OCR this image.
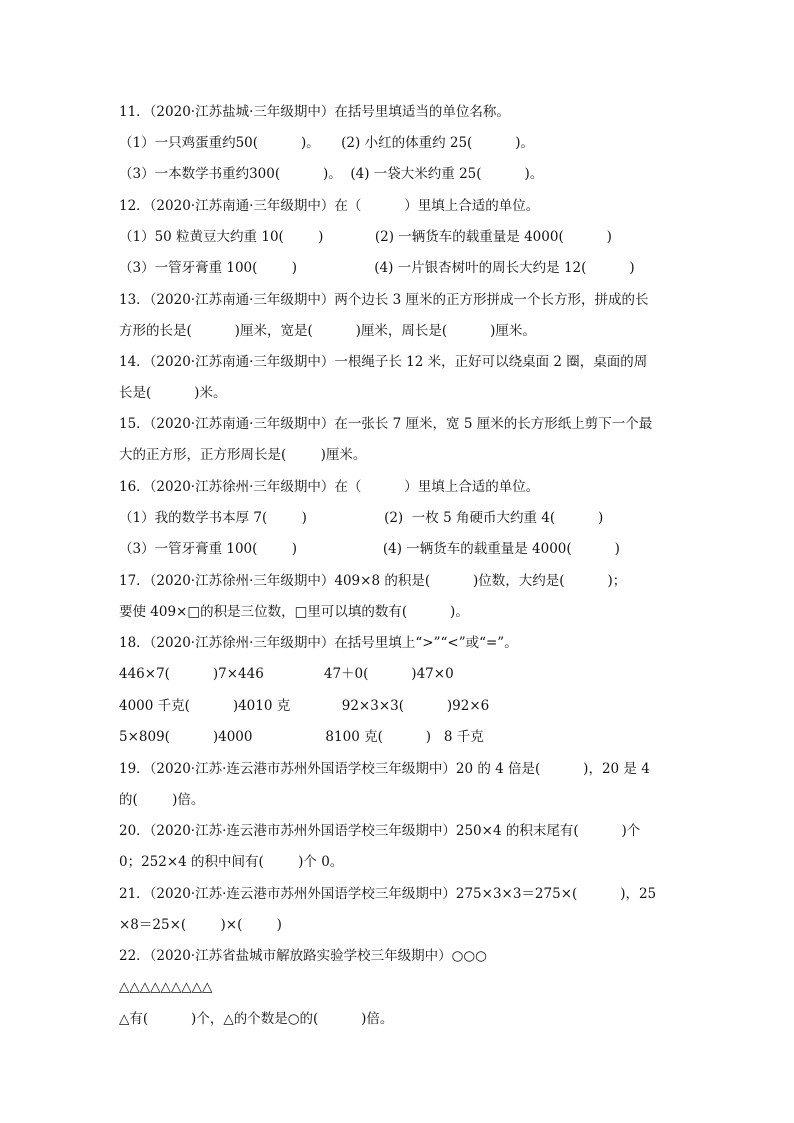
11．（2020·江苏盐城·三年级期中）在括号里填适当的单位名称。
（1）一只鸡蛋重约50(          )。     (2) 小红的体重约 25(          )。
（3）一本数学书重约300(          )。  (4) 一袋大米约重 25(          )。
12．（2020·江苏南通·三年级期中）在（          ）里填上合适的单位。
（1）50 粒黄豆大约重 10(        )            (2) 一辆货车的载重量是 4000(          )
（3）一管牙膏重 100(        )                  (4) 一片银杏树叶的周长大约是 12(          )
13．（2020·江苏南通·三年级期中）两个边长 3 厘米的正方形拼成一个长方形，拼成的长
方形的长是(          )厘米，宽是(          )厘米，周长是(          )厘米。
14．（2020·江苏南通·三年级期中）一根绳子长 12 米，正好可以绕桌面 2 圈，桌面的周
长是(          )米。
15．（2020·江苏南通·三年级期中）在一张长 7 厘米，宽 5 厘米的长方形纸上剪下一个最
大的正方形，正方形周长是(        )厘米。
16．（2020·江苏徐州·三年级期中）在（          ）里填上合适的单位。
（1）我的数学书本厚 7(        )                  (2)  一枚 5 角硬币大约重 4(          )
（3）一管牙膏重 100(        )                    (4) 一辆货车的载重量是 4000(          )
17．（2020·江苏徐州·三年级期中）409×8 的积是(          )位数，大约是(          )；
要使 409×□的积是三位数，□里可以填的数有(          )。
18．（2020·江苏徐州·三年级期中）在括号里填上“>”“<”或“=”。
446×7(          )7×446              47＋0(          )47×0
4000 千克(          )4010 克            92×3×3(          )92×6
5×809(          )4000                 8100 克(          )   8 千克
19．（2020·江苏·连云港市苏州外国语学校三年级期中）20 的 4 倍是(          )，20 是 4
的(        )倍。
20．（2020·江苏·连云港市苏州外国语学校三年级期中）250×4 的积末尾有(          )个
0；252×4 的积中间有(        )个 0。
21．（2020·江苏·连云港市苏州外国语学校三年级期中）275×3×3＝275×(          )，25
×8＝25×(        )×(        )
22．（2020·江苏省盐城市解放路实验学校三年级期中）○○○
△△△△△△△△△
△有(          )个，△的个数是○的(          )倍。
